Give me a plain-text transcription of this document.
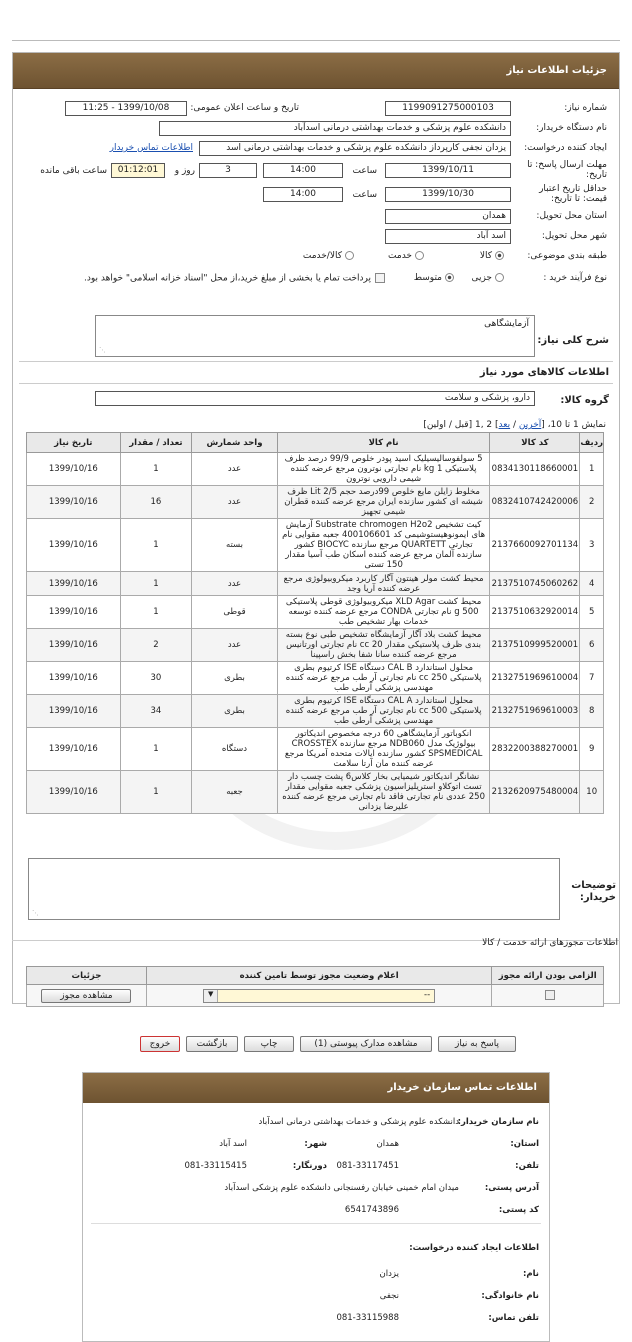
جزئیات اطلاعات نیاز
شماره نیاز:
1199091275000103
تاریخ و ساعت اعلان عمومی:
1399/10/08 - 11:25
نام دستگاه خریدار:
دانشکده علوم پزشکی و خدمات بهداشتی درمانی اسدآباد
ایجاد کننده درخواست:
یزدان نجفی کارپرداز دانشکده علوم پزشکی و خدمات بهداشتی درمانی اسد
اطلاعات تماس خریدار
مهلت ارسال پاسخ: تا تاریخ:
1399/10/11
ساعت
14:00
3
روز و
01:12:01
ساعت باقی مانده
حداقل تاریخ اعتبار قیمت: تا تاریخ:
1399/10/30
ساعت
14:00
استان محل تحویل:
همدان
شهر محل تحویل:
اسد آباد
طبقه بندی موضوعی:
کالا
خدمت
کالا/خدمت
نوع فرآیند خرید :
جزیی
متوسط
پرداخت تمام یا بخشی از مبلغ خرید،از محل "اسناد خزانه اسلامی" خواهد بود.
شرح کلی نیاز:
آزمایشگاهی
⋰
اطلاعات کالاهای مورد نیاز
گروه کالا:
دارو، پزشکی و سلامت
نمایش 1 تا 10، [آخرین / بعد] 2 ,1 [قبل / اولین]
ردیف	کد کالا	نام کالا	واحد شمارش	تعداد / مقدار	تاریخ نیاز
1	0834130118660001	5 سولفوسالیسیلیک اسید پودر خلوص 99/9 درصد ظرف پلاستیکی 1 kg نام تجارتی نوترون مرجع عرضه کننده شیمی دارویی نوترون	عدد	1	1399/10/16
2	0832410742420006	مخلوط زایلن مایع خلوص 99درصد حجم 2/5 Lit ظرف شیشه ای کشور سازنده ایران مرجع عرضه کننده قطران شیمی تجهیز	عدد	16	1399/10/16
3	2137660092701134	کیت تشخیص Substrate chromogen H2o2 آزمایش های ایمونوهیستوشیمی کد 400106601 جعبه مقوایی نام تجارتی QUARTETT مرجع سازنده BIOCYC کشور سازنده آلمان مرجع عرضه کننده اسکان طب آسیا مقدار 150 تستی	بسته	1	1399/10/16
4	2137510745060262	محیط کشت مولر هینتون آگار کاربرد میکروبیولوژی مرجع عرضه کننده آریا وجد	عدد	1	1399/10/16
5	2137510632920014	محیط کشت XLD Agar میکروبیولوژی قوطی پلاستیکی 500 g نام تجارتی CONDA مرجع عرضه کننده توسعه خدمات بهار تشخیص طب	قوطی	1	1399/10/16
6	2137510999520001	محیط کشت بلاد آگار آزمایشگاه تشخیص طبی نوع بسته بندی ظرف پلاستیکی مقدار 20 cc نام تجارتی اورتانیس مرجع عرضه کننده سانا شفا بخش راسپینا	عدد	2	1399/10/16
7	2132751969610004	محلول استاندارد CAL B دستگاه ISE کرتیوم بطری پلاستیکی 250 cc نام تجارتی آر طب مرجع عرضه کننده مهندسی پزشکی آرطی طب	بطری	30	1399/10/16
8	2132751969610003	محلول استاندارد CAL A دستگاه ISE کرتیوم بطری پلاستیکی 500 cc نام تجارتی آر طب مرجع عرضه کننده مهندسی پزشکی آرطی طب	بطری	34	1399/10/16
9	2832200388270001	انکوباتور آزمایشگاهی 60 درجه مخصوص اندیکاتور بیولوژیک مدل NDB060 مرجع سازنده CROSSTEX SPSMEDICAL کشور سازنده ایالات متحده آمریکا مرجع عرضه کننده مان آرتا سلامت	دستگاه	1	1399/10/16
10	2132620975480004	نشانگر اندیکاتور شیمیایی بخار کلاس6 پشت چسب دار تست اتوکلاو استریلیزاسیون پزشکی جعبه مقوایی مقدار 250 عددی نام تجارتی فاقد نام تجارتی مرجع عرضه کننده علیرضا یزدانی	جعبه	1	1399/10/16
توضیحات خریدار:
⋰
اطلاعات مجوزهای ارائه خدمت / کالا
الزامی بودن ارائه مجوز	اعلام وضعیت مجوز توسط تامین کننده	جزئیات

	--
▼	مشاهده مجوز
پاسخ به نیاز
مشاهده مدارک پیوستی (1)
چاپ
بازگشت
خروج
اطلاعات تماس سازمان خریدار
نام سازمان خریدار:
دانشکده علوم پزشکی و خدمات بهداشتی درمانی اسدآباد
استان:
همدان
شهر:
اسد آباد
تلفن:
081-33117451
دورنگار:
081-33115415
آدرس پستی:
میدان امام خمینی خیابان رفسنجانی دانشکده علوم پزشکی اسدآباد
کد پستی:
6541743896
اطلاعات ایجاد کننده درخواست:
نام:
یزدان
نام خانوادگی:
نجفی
تلفن تماس:
081-33115988
